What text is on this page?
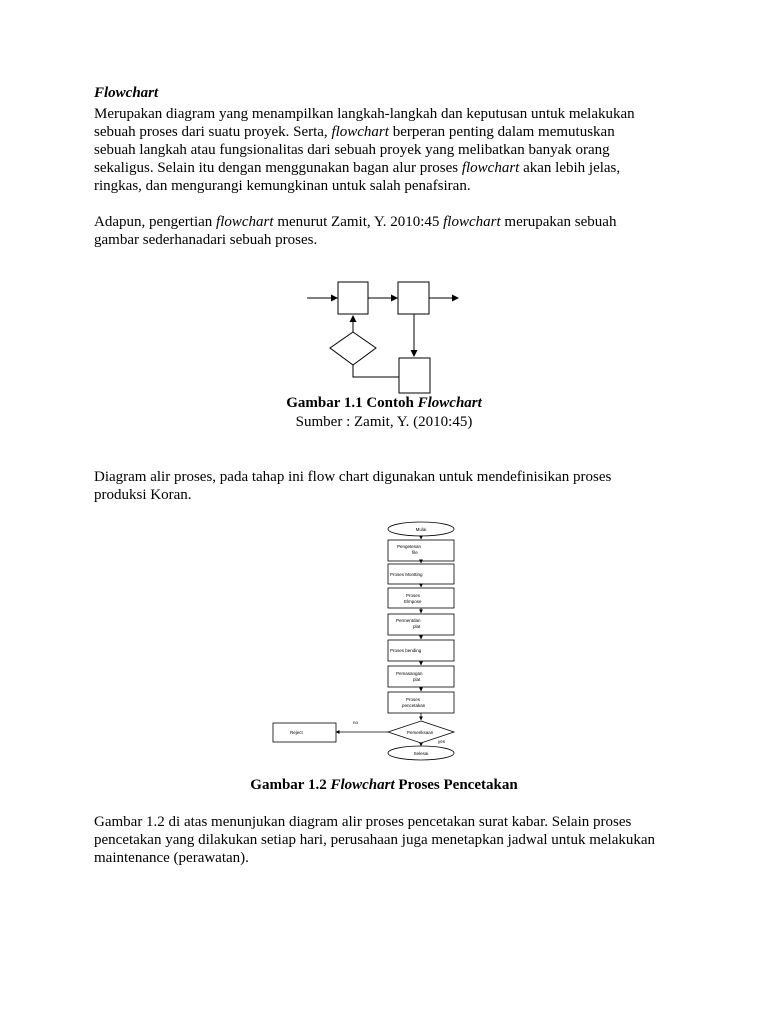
Flowchart
Merupakan diagram yang menampilkan langkah-langkah dan keputusan untuk melakukan
sebuah proses dari suatu proyek. Serta, flowchart berperan penting dalam memutuskan
sebuah langkah atau fungsionalitas dari sebuah proyek yang melibatkan banyak orang
sekaligus. Selain itu dengan menggunakan bagan alur proses flowchart akan lebih jelas,
ringkas, dan mengurangi kemungkinan untuk salah penafsiran.
Adapun, pengertian flowchart menurut Zamit, Y. 2010:45 flowchart merupakan sebuah
gambar sederhanadari sebuah proses.
Gambar 1.1 Contoh Flowchart
Sumber : Zamit, Y. (2010:45)
Diagram alir proses, pada tahap ini flow chart digunakan untuk mendefinisikan proses
produksi Koran.
Mulai
Pengetesan
file
Proses Montting
Proses
Elmpose
Permentdan
plat
Proses bending
Pemasangan
plat
Proses
pencetakan
Pemeriksaan
no
yes
Reject
Selesai
Gambar 1.2 Flowchart Proses Pencetakan
Gambar 1.2 di atas menunjukan diagram alir proses pencetakan surat kabar. Selain proses
pencetakan yang dilakukan setiap hari, perusahaan juga menetapkan jadwal untuk melakukan
maintenance (perawatan).
